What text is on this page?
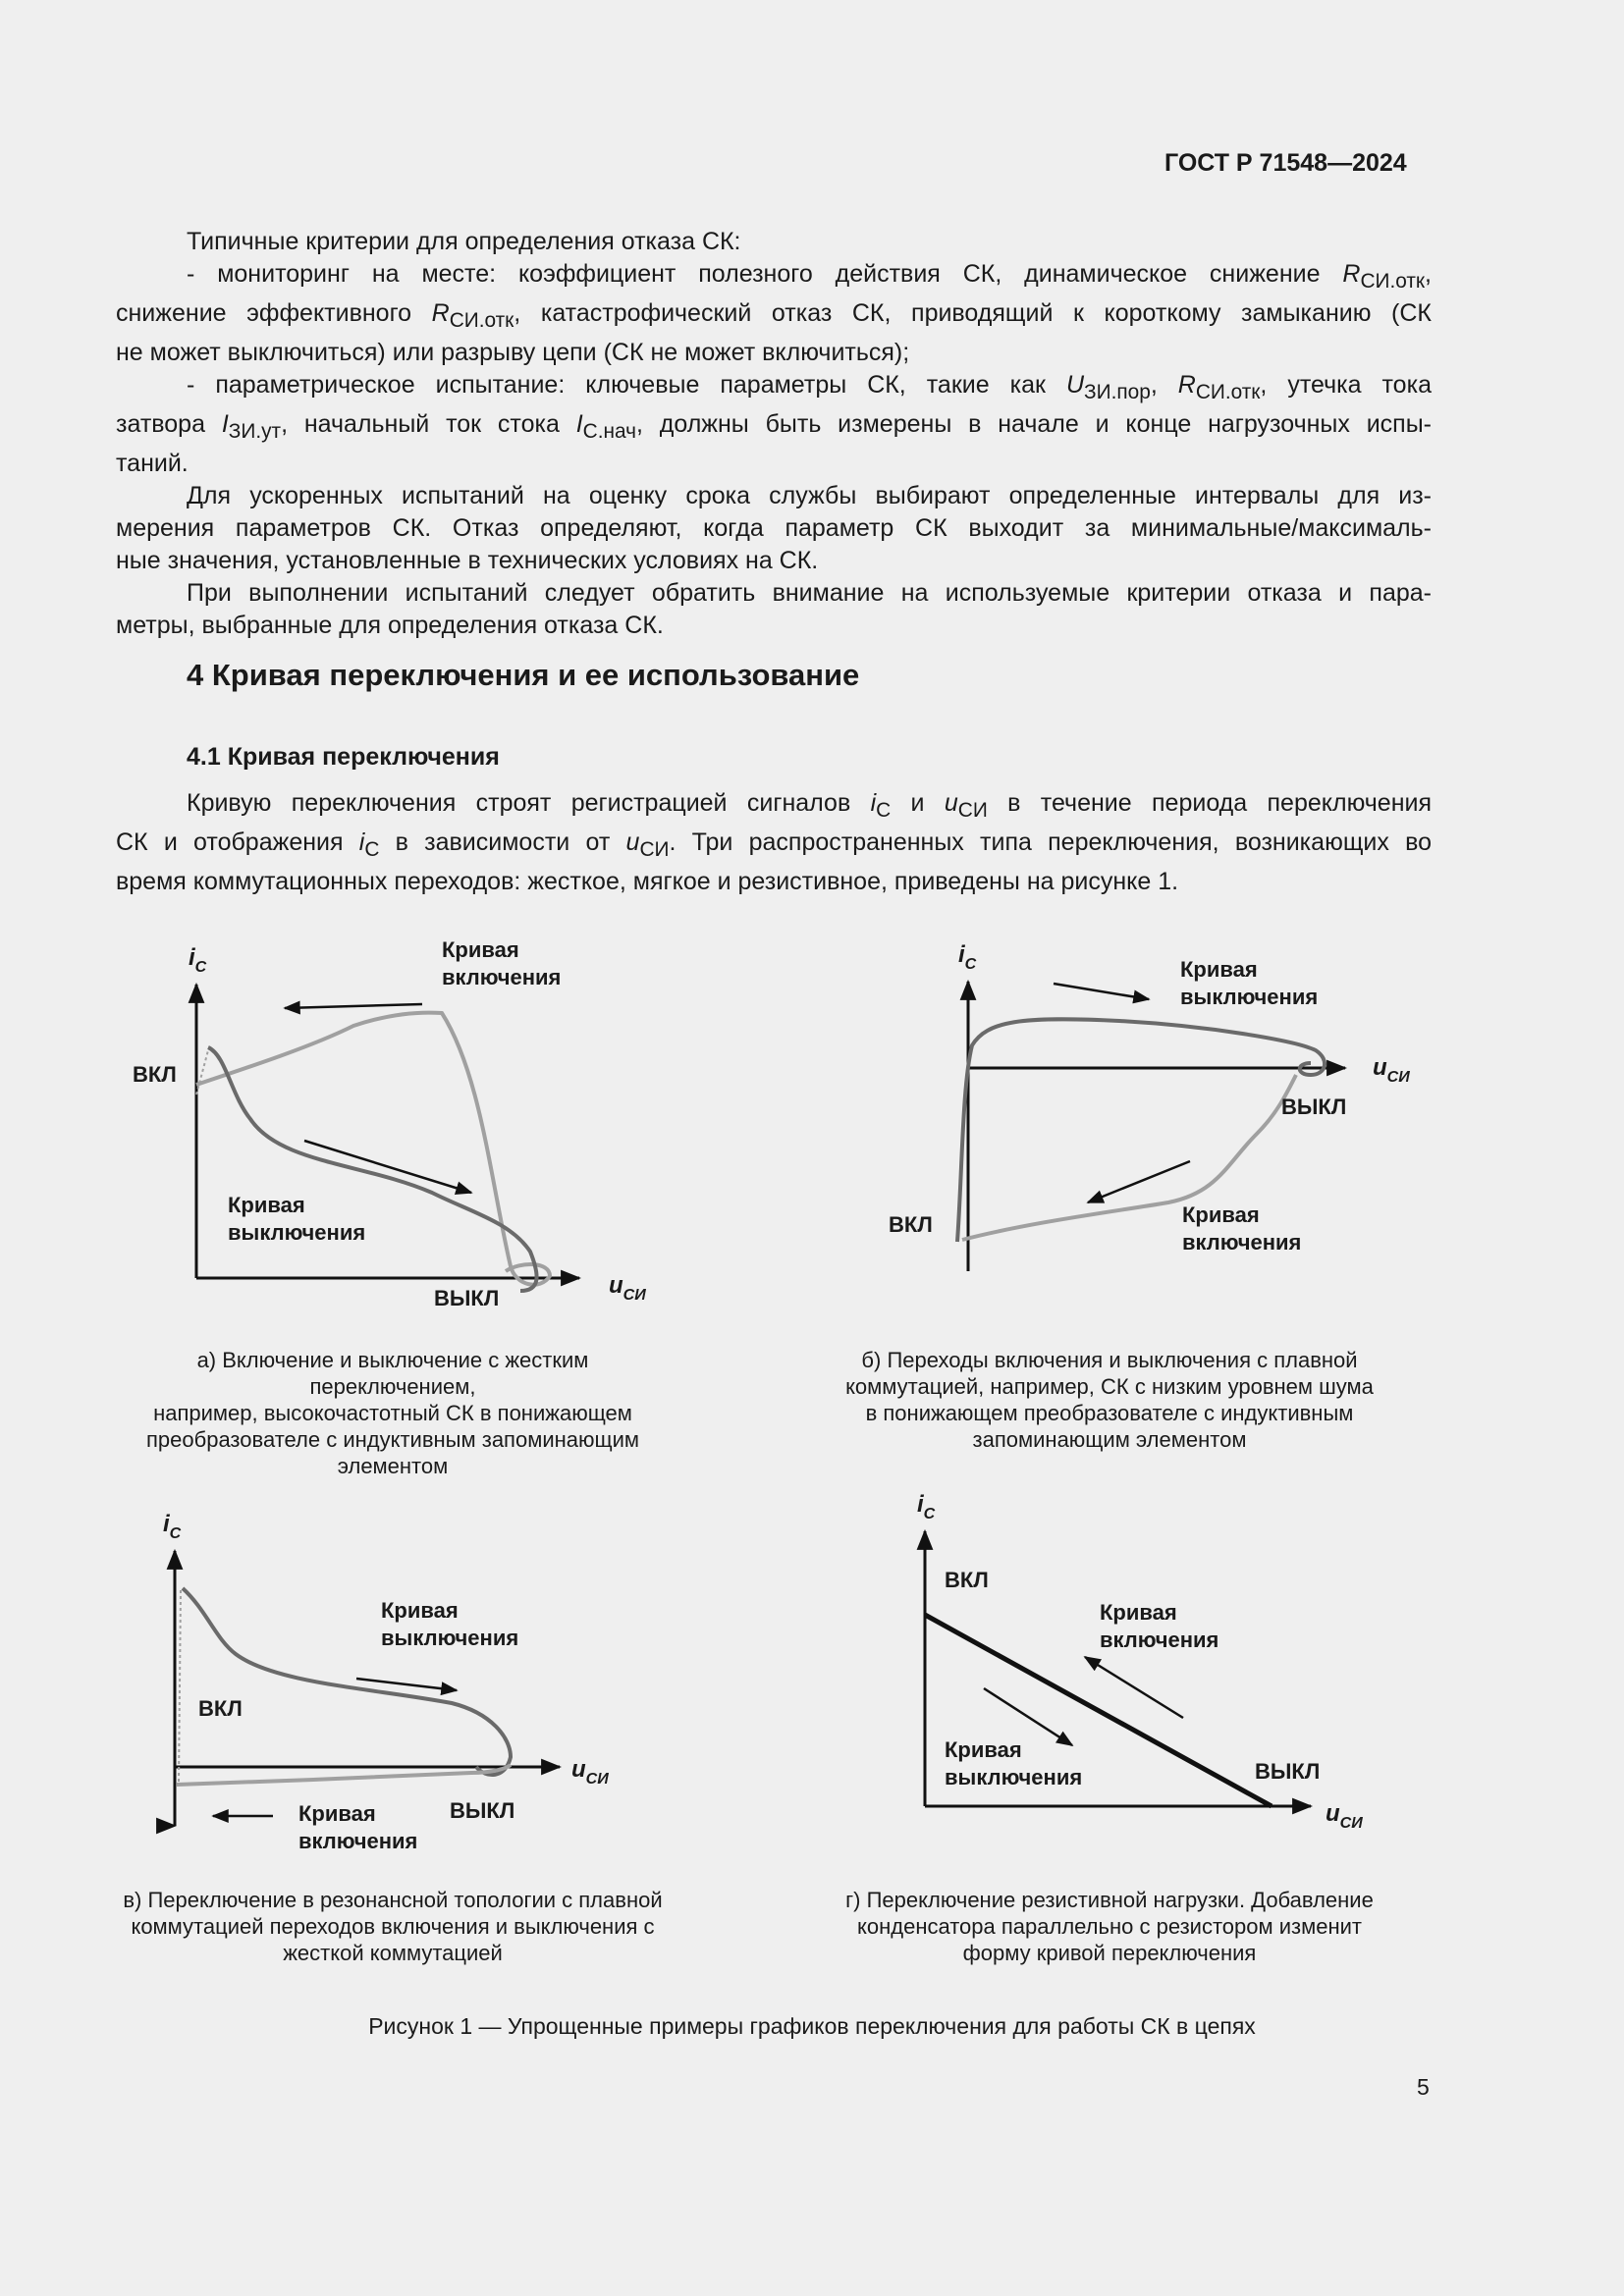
ГОСТ Р 71548—2024

Типичные критерии для определения отказа СК:

- мониторинг на месте: коэффициент полезного действия СК, динамическое снижение $R_{СИ.отк}$,

снижение эффективного $R_{СИ.отк}$, катастрофический отказ СК, приводящий к короткому замыканию (СК

не может выключиться) или разрыву цепи (СК не может включиться);

- параметрическое испытание: ключевые параметры СК, такие как $U_{ЗИ.пор}$, $R_{СИ.отк}$, утечка тока

затвора $I_{ЗИ.ут}$, начальный ток стока $I_{С.нач}$, должны быть измерены в начале и конце нагрузочных испы-

таний.

Для ускоренных испытаний на оценку срока службы выбирают определенные интервалы для из-

мерения параметров СК. Отказ определяют, когда параметр СК выходит за минимальные/максималь-

ные значения, установленные в технических условиях на СК.

При выполнении испытаний следует обратить внимание на используемые критерии отказа и пара-

метры, выбранные для определения отказа СК.

4 Кривая переключения и ее использование
4.1 Кривая переключения

Кривую переключения строят регистрацией сигналов $i_С$ и $u_{СИ}$ в течение периода переключения

СК и отображения $i_С$ в зависимости от $u_{СИ}$. Три распространенных типа переключения, возникающих во

время коммутационных переходов: жесткое, мягкое и резистивное, приведены на рисунке 1.

$i_С$
$u_{СИ}$
Кривая включения
Кривая выключения
ВКЛ
ВЫКЛ
$i_С$
$u_{СИ}$
Кривая выключения
Кривая включения
ВКЛ
ВЫКЛ
а) Включение и выключение с жестким переключением,
например, высокочастотный СК в понижающем
преобразователе с индуктивным запоминающим
элементом
б) Переходы включения и выключения с плавной
коммутацией, например, СК с низким уровнем шума
в понижающем преобразователе с индуктивным
запоминающим элементом
$i_С$
$u_{СИ}$
Кривая выключения
Кривая включения
ВКЛ
ВЫКЛ
$i_С$
$u_{СИ}$
Кривая включения
Кривая выключения
ВКЛ
ВЫКЛ
в) Переключение в резонансной топологии с плавной
коммутацией переходов включения и выключения с
жесткой коммутацией
г) Переключение резистивной нагрузки. Добавление
конденсатора параллельно с резистором изменит
форму кривой переключения
Рисунок 1 — Упрощенные примеры графиков переключения для работы СК в цепях
5
